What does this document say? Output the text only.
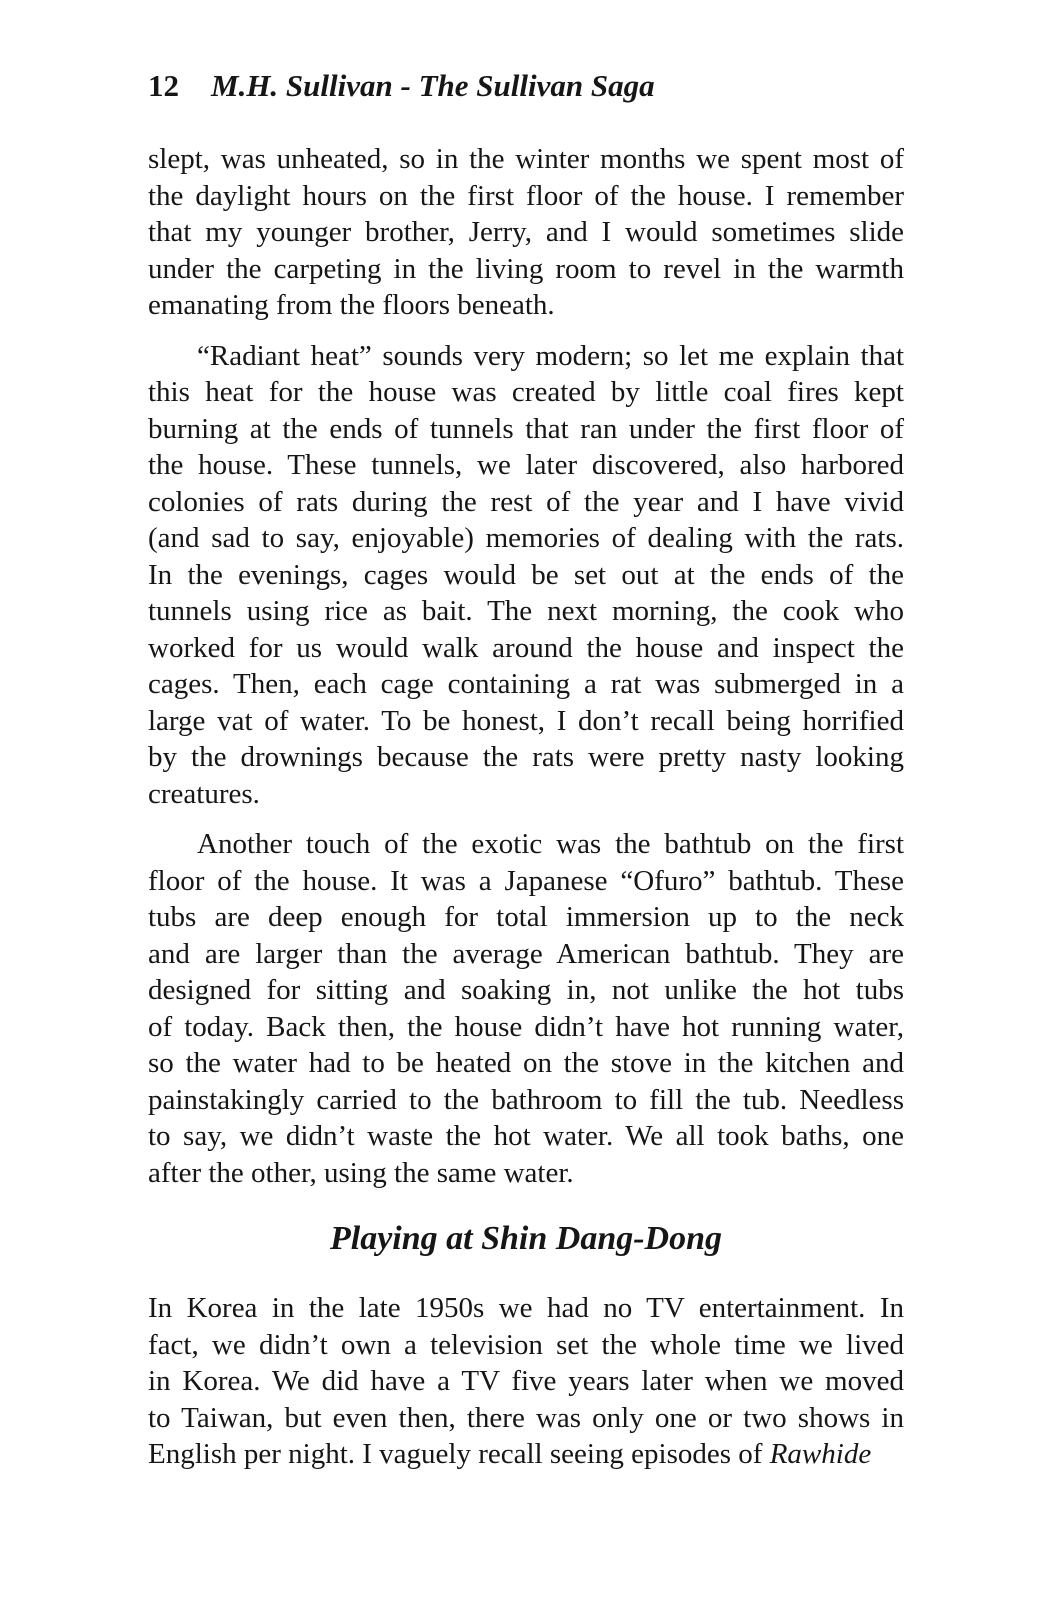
12 M.H. Sullivan - The Sullivan Saga
slept, was unheated, so in the winter months we spent most of
the daylight hours on the first floor of the house. I remember
that my younger brother, Jerry, and I would sometimes slide
under the carpeting in the living room to revel in the warmth
emanating from the floors beneath.
“Radiant heat” sounds very modern; so let me explain that
this heat for the house was created by little coal fires kept
burning at the ends of tunnels that ran under the first floor of
the house. These tunnels, we later discovered, also harbored
colonies of rats during the rest of the year and I have vivid
(and sad to say, enjoyable) memories of dealing with the rats.
In the evenings, cages would be set out at the ends of the
tunnels using rice as bait. The next morning, the cook who
worked for us would walk around the house and inspect the
cages. Then, each cage containing a rat was submerged in a
large vat of water. To be honest, I don’t recall being horrified
by the drownings because the rats were pretty nasty looking
creatures.
Another touch of the exotic was the bathtub on the first
floor of the house. It was a Japanese “Ofuro” bathtub. These
tubs are deep enough for total immersion up to the neck
and are larger than the average American bathtub. They are
designed for sitting and soaking in, not unlike the hot tubs
of today. Back then, the house didn’t have hot running water,
so the water had to be heated on the stove in the kitchen and
painstakingly carried to the bathroom to fill the tub. Needless
to say, we didn’t waste the hot water. We all took baths, one
after the other, using the same water.
Playing at Shin Dang-Dong
In Korea in the late 1950s we had no TV entertainment. In
fact, we didn’t own a television set the whole time we lived
in Korea. We did have a TV five years later when we moved
to Taiwan, but even then, there was only one or two shows in
English per night. I vaguely recall seeing episodes of Rawhide
